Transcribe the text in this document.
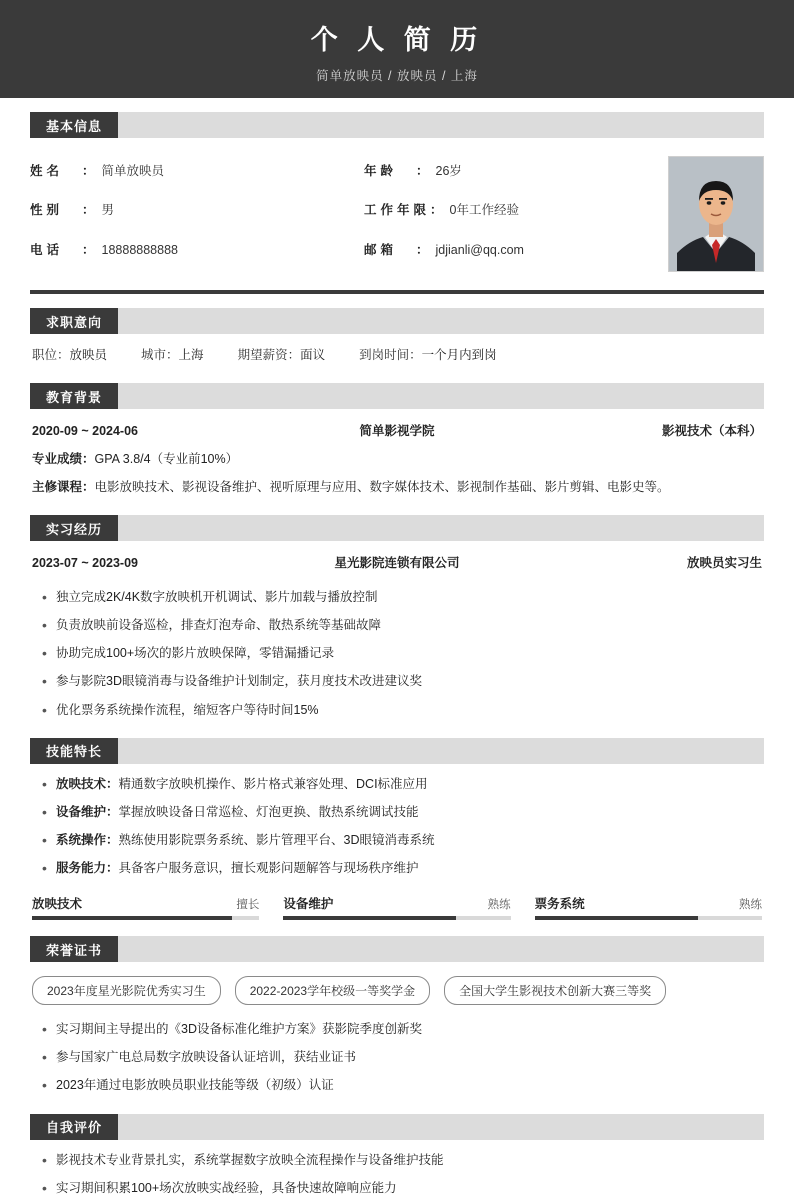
个 人 简 历
简单放映员 / 放映员 / 上海
基本信息
姓名	： 简单放映员	年龄	： 26岁
性别	： 男	工作年限 ： 0年工作经验
电话	： 18888888888	邮箱	： jdjianli@qq.com
求职意向
职位：放映员	城市：上海	期望薪资：面议	到岗时间：一个月内到岗
教育背景
2020-09 ~ 2024-06	简单影视学院	影视技术（本科）
专业成绩：GPA 3.8/4（专业前10%）
主修课程：电影放映技术、影视设备维护、视听原理与应用、数字媒体技术、影视制作基础、影片剪辑、电影史等。
实习经历
2023-07 ~ 2023-09	星光影院连锁有限公司	放映员实习生
• 独立完成2K/4K数字放映机开机调试、影片加载与播放控制
• 负责放映前设备巡检，排查灯泡寿命、散热系统等基础故障
• 协助完成100+场次的影片放映保障，零错漏播记录
• 参与影院3D眼镜消毒与设备维护计划制定，获月度技术改进建议奖
• 优化票务系统操作流程，缩短客户等待时间15%
技能特长
• 放映技术：精通数字放映机操作、影片格式兼容处理、DCI标准应用
• 设备维护：掌握放映设备日常巡检、灯泡更换、散热系统调试技能
• 系统操作：熟练使用影院票务系统、影片管理平台、3D眼镜消毒系统
• 服务能力：具备客户服务意识，擅长观影问题解答与现场秩序维护
放映技术	擅长 设备维护	熟练 票务系统	熟练
荣誉证书
2023年度星光影院优秀实习生	2022-2023学年校级一等奖学金	全国大学生影视技术创新大赛三等奖
• 实习期间主导提出的《3D设备标准化维护方案》获影院季度创新奖
• 参与国家广电总局数字放映设备认证培训，获结业证书
• 2023年通过电影放映员职业技能等级（初级）认证
自我评价
• 影视技术专业背景扎实，系统掌握数字放映全流程操作与设备维护技能
• 实习期间积累100+场次放映实战经验，具备快速故障响应能力
